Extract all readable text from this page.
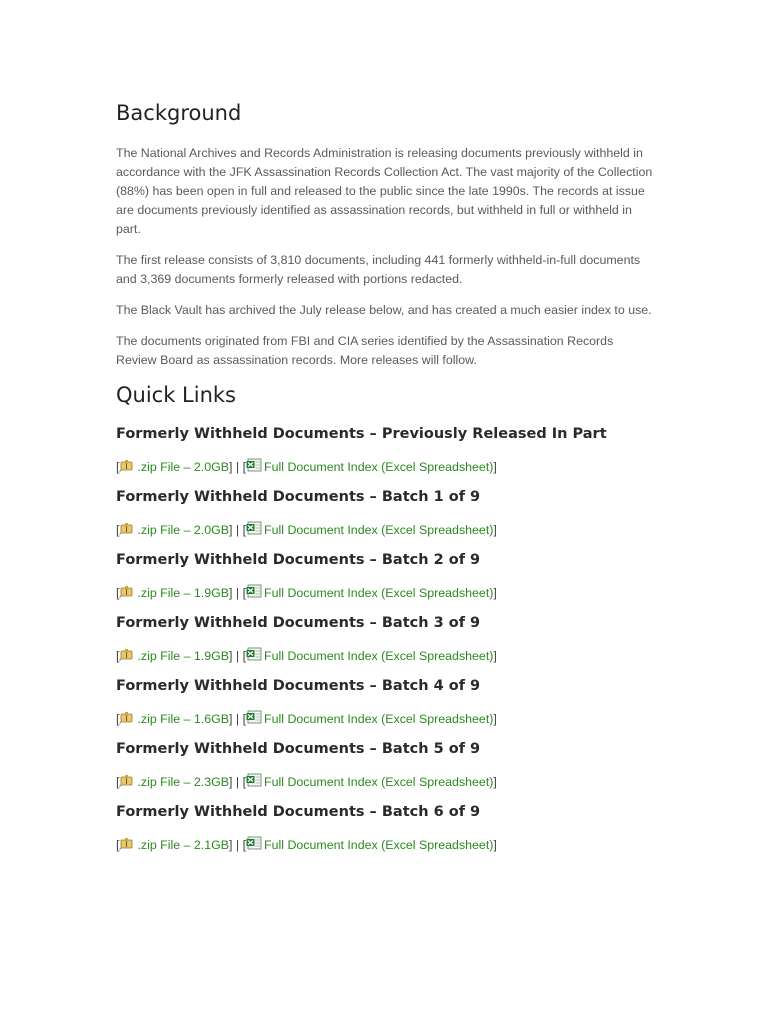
Background

The National Archives and Records Administration is releasing documents previously withheld in accordance with the JFK Assassination Records Collection Act. The vast majority of the Collection (88%) has been open in full and released to the public since the late 1990s. The records at issue are documents previously identified as assassination records, but withheld in full or withheld in part.

The first release consists of 3,810 documents, including 441 formerly withheld-in-full documents and 3,369 documents formerly released with portions redacted.

The Black Vault has archived the July release below, and has created a much easier index to use.

The documents originated from FBI and CIA series identified by the Assassination Records Review Board as assassination records. More releases will follow.

Quick Links
Formerly Withheld Documents – Previously Released In Part
[ .zip File – 2.0GB] | [ Full Document Index (Excel Spreadsheet)]
Formerly Withheld Documents – Batch 1 of 9
[ .zip File – 2.0GB] | [ Full Document Index (Excel Spreadsheet)]
Formerly Withheld Documents – Batch 2 of 9
[ .zip File – 1.9GB] | [ Full Document Index (Excel Spreadsheet)]
Formerly Withheld Documents – Batch 3 of 9
[ .zip File – 1.9GB] | [ Full Document Index (Excel Spreadsheet)]
Formerly Withheld Documents – Batch 4 of 9
[ .zip File – 1.6GB] | [ Full Document Index (Excel Spreadsheet)]
Formerly Withheld Documents – Batch 5 of 9
[ .zip File – 2.3GB] | [ Full Document Index (Excel Spreadsheet)]
Formerly Withheld Documents – Batch 6 of 9
[ .zip File – 2.1GB] | [ Full Document Index (Excel Spreadsheet)]
